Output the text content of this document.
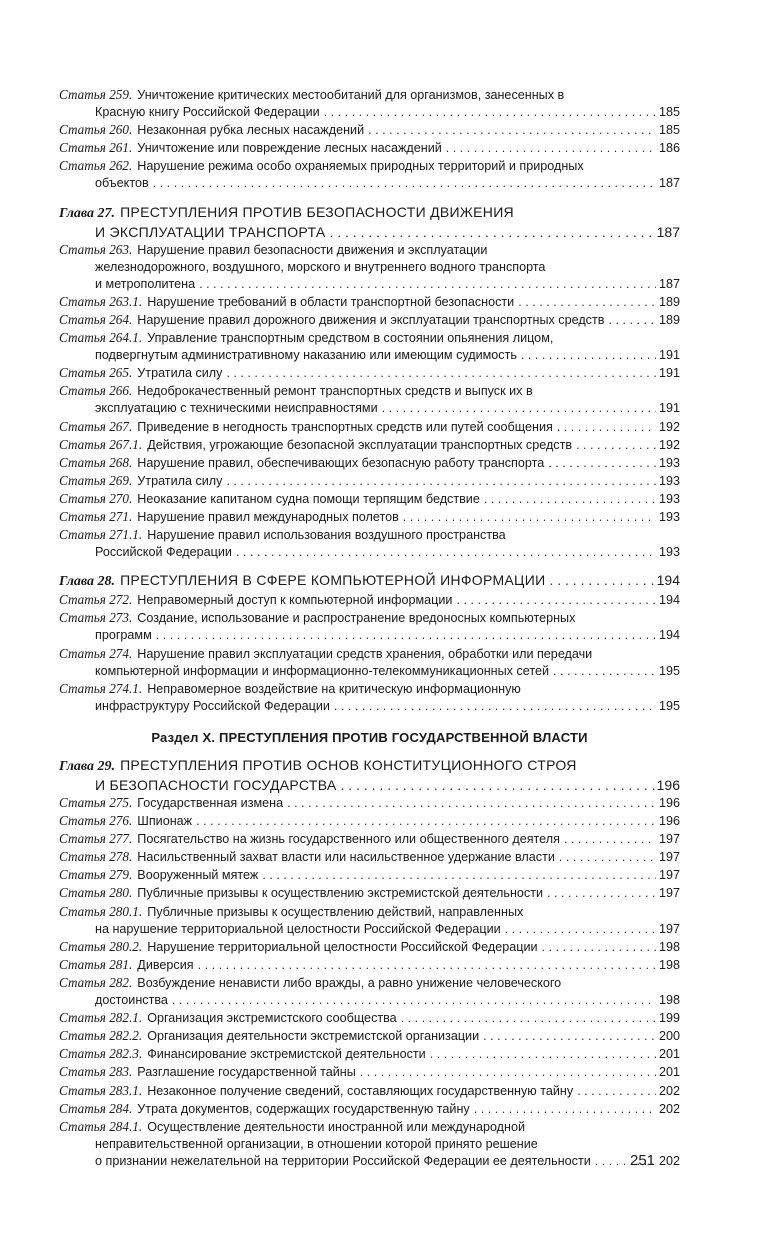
Статья 259. Уничтожение критических местообитаний для организмов, занесенных в
Красную книгу Российской Федерации . . .	185
Статья 260. Незаконная рубка лесных насаждений . . .	185
Статья 261. Уничтожение или повреждение лесных насаждений . . .	186
Статья 262. Нарушение режима особо охраняемых природных территорий и природных
объектов . . .	187
Глава 27. ПРЕСТУПЛЕНИЯ ПРОТИВ БЕЗОПАСНОСТИ ДВИЖЕНИЯ
И ЭКСПЛУАТАЦИИ ТРАНСПОРТА . . .	187
Статья 263. Нарушение правил безопасности движения и эксплуатации
железнодорожного, воздушного, морского и внутреннего водного транспорта
и метрополитена . . .	187
Статья 263.1. Нарушение требований в области транспортной безопасности . . .	189
Статья 264. Нарушение правил дорожного движения и эксплуатации транспортных средств . . .	189
Статья 264.1. Управление транспортным средством в состоянии опьянения лицом,
подвергнутым административному наказанию или имеющим судимость . . .	191
Статья 265. Утратила силу . . .	191
Статья 266. Недоброкачественный ремонт транспортных средств и выпуск их в
эксплуатацию с техническими неисправностями . . .	191
Статья 267. Приведение в негодность транспортных средств или путей сообщения . . .	192
Статья 267.1. Действия, угрожающие безопасной эксплуатации транспортных средств . . .	192
Статья 268. Нарушение правил, обеспечивающих безопасную работу транспорта . . .	193
Статья 269. Утратила силу . . .	193
Статья 270. Неоказание капитаном судна помощи терпящим бедствие . . .	193
Статья 271. Нарушение правил международных полетов . . .	193
Статья 271.1. Нарушение правил использования воздушного пространства
Российской Федерации . . .	193
Глава 28. ПРЕСТУПЛЕНИЯ В СФЕРЕ КОМПЬЮТЕРНОЙ ИНФОРМАЦИИ . . .	194
Статья 272. Неправомерный доступ к компьютерной информации . . .	194
Статья 273. Создание, использование и распространение вредоносных компьютерных
программ . . .	194
Статья 274. Нарушение правил эксплуатации средств хранения, обработки или передачи
компьютерной информации и информационно-телекоммуникационных сетей . . .	195
Статья 274.1. Неправомерное воздействие на критическую информационную
инфраструктуру Российской Федерации . . .	195
Раздел X. ПРЕСТУПЛЕНИЯ ПРОТИВ ГОСУДАРСТВЕННОЙ ВЛАСТИ
Глава 29. ПРЕСТУПЛЕНИЯ ПРОТИВ ОСНОВ КОНСТИТУЦИОННОГО СТРОЯ
И БЕЗОПАСНОСТИ ГОСУДАРСТВА . . .	196
Статья 275. Государственная измена . . .	196
Статья 276. Шпионаж . . .	196
Статья 277. Посягательство на жизнь государственного или общественного деятеля . . .	197
Статья 278. Насильственный захват власти или насильственное удержание власти . . .	197
Статья 279. Вооруженный мятеж . . .	197
Статья 280. Публичные призывы к осуществлению экстремистской деятельности . . .	197
Статья 280.1. Публичные призывы к осуществлению действий, направленных
на нарушение территориальной целостности Российской Федерации . . .	197
Статья 280.2. Нарушение территориальной целостности Российской Федерации . . .	198
Статья 281. Диверсия . . .	198
Статья 282. Возбуждение ненависти либо вражды, а равно унижение человеческого
достоинства . . .	198
Статья 282.1. Организация экстремистского сообщества . . .	199
Статья 282.2. Организация деятельности экстремистской организации . . .	200
Статья 282.3. Финансирование экстремистской деятельности . . .	201
Статья 283. Разглашение государственной тайны . . .	201
Статья 283.1. Незаконное получение сведений, составляющих государственную тайну . . .	202
Статья 284. Утрата документов, содержащих государственную тайну . . .	202
Статья 284.1. Осуществление деятельности иностранной или международной
неправительственной организации, в отношении которой принято решение
о признании нежелательной на территории Российской Федерации ее деятельности . . .	202
251
